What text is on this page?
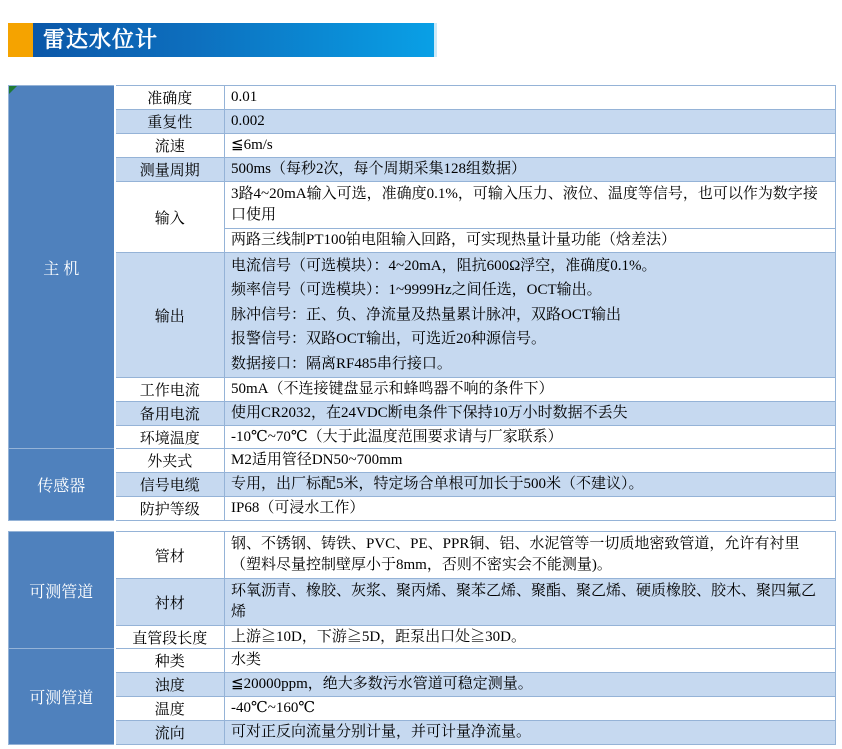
雷达水位计
主 机	准确度	0.01
	重复性	0.002
	流速	≦6m/s
	测量周期	500ms（每秒2次，每个周期采集128组数据）
	输入	3路4~20mA输入可选，准确度0.1%，可输入压力、液位、温度等信号，也可以作为数字接口使用
		两路三线制PT100铂电阻输入回路，可实现热量计量功能（焓差法）
	输出	电流信号（可选模块）：4~20mA，阻抗600Ω浮空，准确度0.1%。
频率信号（可选模块）：1~9999Hz之间任选，OCT输出。
脉冲信号：正、负、净流量及热量累计脉冲，双路OCT输出
报警信号：双路OCT输出，可选近20种源信号。
数据接口：隔离RF485串行接口。

	工作电流	50mA（不连接键盘显示和蜂鸣器不响的条件下）
	备用电流	使用CR2032，在24VDC断电条件下保持10万小时数据不丢失
	环境温度	-10℃~70℃（大于此温度范围要求请与厂家联系）
传感器	外夹式	M2适用管径DN50~700mm
	信号电缆	专用，出厂标配5米，特定场合单根可加长于500米（不建议）。
	防护等级	IP68（可浸水工作）
可测管道	管材	钢、不锈钢、铸铁、PVC、PE、PPR铜、铝、水泥管等一切质地密致管道，允许有衬里（塑料尽量控制壁厚小于8mm，否则不密实会不能测量)。
	衬材	环氧沥青、橡胶、灰浆、聚丙烯、聚苯乙烯、聚酯、聚乙烯、硬质橡胶、胶木、聚四氟乙烯
	直管段长度	上游≧10D，下游≧5D，距泵出口处≧30D。
可测管道	种类	水类
	浊度	≦20000ppm，绝大多数污水管道可稳定测量。
	温度	-40℃~160℃
	流向	可对正反向流量分别计量，并可计量净流量。
